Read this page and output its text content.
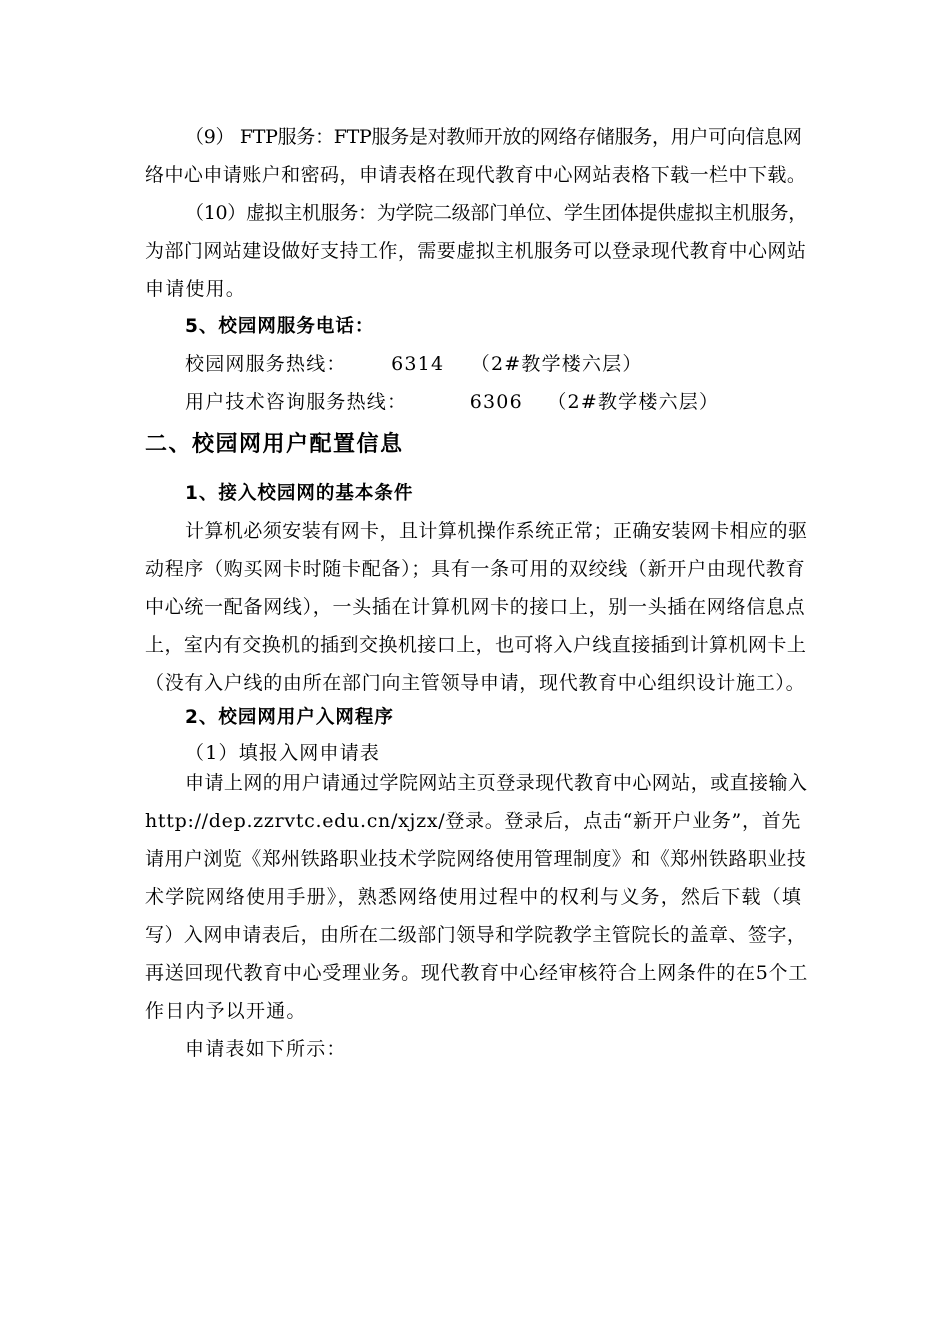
（9） FTP服务：FTP服务是对教师开放的网络存储服务，用户可向信息网
络中心申请账户和密码，申请表格在现代教育中心网站表格下载一栏中下载。
（10）虚拟主机服务：为学院二级部门单位、学生团体提供虚拟主机服务，
为部门网站建设做好支持工作，需要虚拟主机服务可以登录现代教育中心网站
申请使用。
5、校园网服务电话：
校园网服务热线： 6314 （2#教学楼六层）
用户技术咨询服务热线：	6306 （2#教学楼六层）
二、校园网用户配置信息
1、接入校园网的基本条件
计算机必须安装有网卡，且计算机操作系统正常；正确安装网卡相应的驱
动程序（购买网卡时随卡配备）；具有一条可用的双绞线（新开户由现代教育
中心统一配备网线），一头插在计算机网卡的接口上，别一头插在网络信息点
上，室内有交换机的插到交换机接口上，也可将入户线直接插到计算机网卡上
（没有入户线的由所在部门向主管领导申请，现代教育中心组织设计施工）。
2、校园网用户入网程序
（1）填报入网申请表
申请上网的用户请通过学院网站主页登录现代教育中心网站，或直接输入
http://dep.zzrvtc.edu.cn/xjzx/登录。登录后，点击“新开户业务”，首先
请用户浏览《郑州铁路职业技术学院网络使用管理制度》和《郑州铁路职业技
术学院网络使用手册》，熟悉网络使用过程中的权利与义务，然后下载（填
写）入网申请表后，由所在二级部门领导和学院教学主管院长的盖章、签字，
再送回现代教育中心受理业务。现代教育中心经审核符合上网条件的在5个工
作日内予以开通。
申请表如下所示：
